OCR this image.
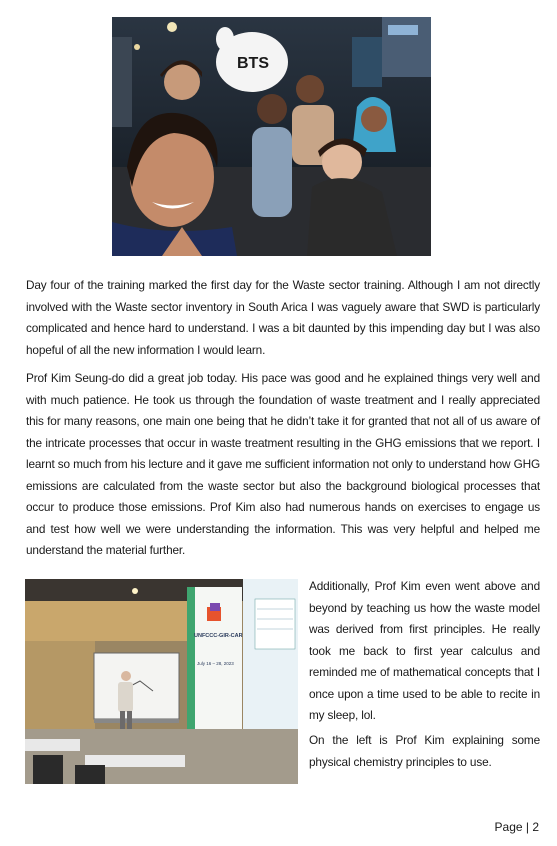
BTS

Day four of the training marked the first day for the Waste sector training. Although I am not directly involved with the Waste sector inventory in South Arica I was vaguely aware that SWD is particularly complicated and hence hard to understand. I was a bit daunted by this impending day but I was also hopeful of all the new information I would learn.

Prof Kim Seung-do did a great job today. His pace was good and he explained things very well and with much patience. He took us through the foundation of waste treatment and I really appreciated this for many reasons, one main one being that he didn’t take it for granted that not all of us aware of the intricate processes that occur in waste treatment resulting in the GHG emissions that we report. I learnt so much from his lecture and it gave me sufficient information not only to understand how GHG emissions are calculated from the waste sector but also the background biological processes that occur to produce those emissions. Prof Kim also had numerous hands on exercises to engage us and test how well we were understanding the information. This was very helpful and helped me understand the material further.

UNFCCC-GIR-CAR
July 16 – 28, 2023

Additionally, Prof Kim even went above and beyond by teaching us how the waste model was derived from first principles. He really took me back to first year calculus and reminded me of mathematical concepts that I once upon a time used to be able to recite in my sleep, lol.

On the left is Prof Kim explaining some physical chemistry principles to use.

Page | 2
